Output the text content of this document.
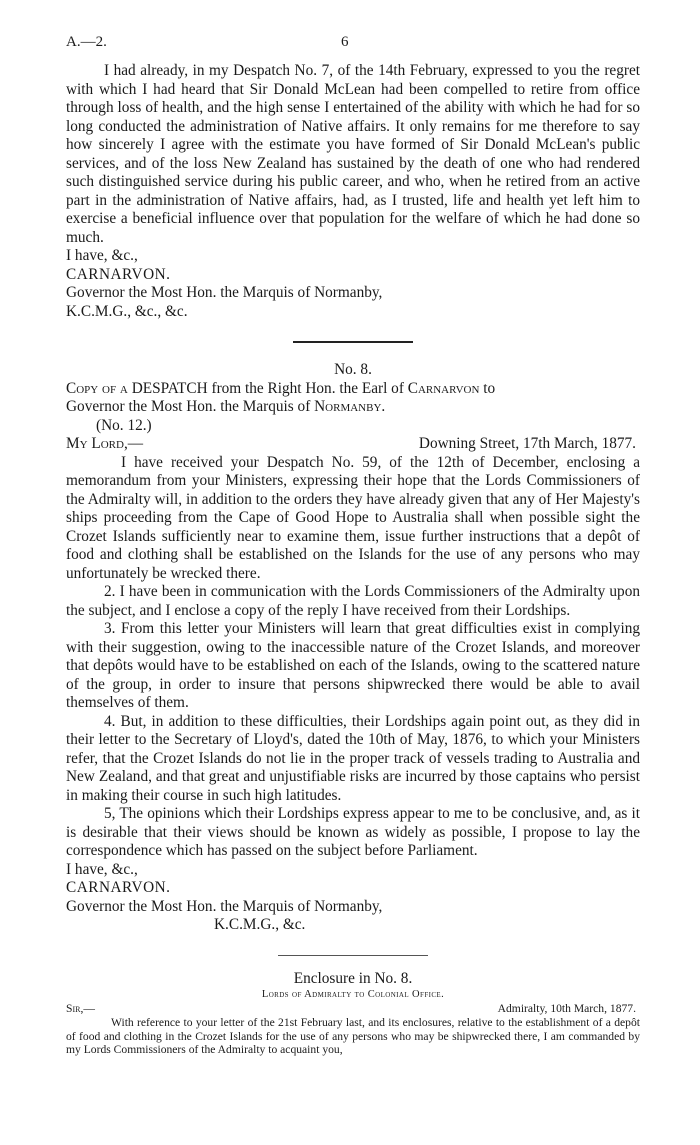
A.—2.	6

I had already, in my Despatch No. 7, of the 14th February, expressed to you the regret with which I had heard that Sir Donald McLean had been compelled to retire from office through loss of health, and the high sense I entertained of the ability with which he had for so long conducted the administration of Native affairs. It only remains for me therefore to say how sincerely I agree with the estimate you have formed of Sir Donald McLean's public services, and of the loss New Zealand has sustained by the death of one who had rendered such distinguished service during his public career, and who, when he retired from an active part in the administration of Native affairs, had, as I trusted, life and health yet left him to exercise a beneficial influence over that population for the welfare of which he had done so much.

I have, &c.,

CARNARVON.

Governor the Most Hon. the Marquis of Normanby,

K.C.M.G., &c., &c.

No. 8.

Copy of a DESPATCH from the Right Hon. the Earl of Carnarvon to

Governor the Most Hon. the Marquis of Normanby.

(No. 12.)

My Lord,—	Downing Street, 17th March, 1877.

I have received your Despatch No. 59, of the 12th of December, enclosing a memorandum from your Ministers, expressing their hope that the Lords Commissioners of the Admiralty will, in addition to the orders they have already given that any of Her Majesty's ships proceeding from the Cape of Good Hope to Australia shall when possible sight the Crozet Islands sufficiently near to examine them, issue further instructions that a depôt of food and clothing shall be established on the Islands for the use of any persons who may unfortunately be wrecked there.

2. I have been in communication with the Lords Commissioners of the Admiralty upon the subject, and I enclose a copy of the reply I have received from their Lordships.

3. From this letter your Ministers will learn that great difficulties exist in complying with their suggestion, owing to the inaccessible nature of the Crozet Islands, and moreover that depôts would have to be established on each of the Islands, owing to the scattered nature of the group, in order to insure that persons shipwrecked there would be able to avail themselves of them.

4. But, in addition to these difficulties, their Lordships again point out, as they did in their letter to the Secretary of Lloyd's, dated the 10th of May, 1876, to which your Ministers refer, that the Crozet Islands do not lie in the proper track of vessels trading to Australia and New Zealand, and that great and unjustifiable risks are incurred by those captains who persist in making their course in such high latitudes.

5, The opinions which their Lordships express appear to me to be conclusive, and, as it is desirable that their views should be known as widely as possible, I propose to lay the correspondence which has passed on the subject before Parliament.

I have, &c.,

CARNARVON.

Governor the Most Hon. the Marquis of Normanby,

K.C.M.G., &c.

Enclosure in No. 8.

Lords of Admiralty to Colonial Office.

Sir,—	Admiralty, 10th March, 1877.

With reference to your letter of the 21st February last, and its enclosures, relative to the establishment of a depôt of food and clothing in the Crozet Islands for the use of any persons who may be shipwrecked there, I am commanded by my Lords Commissioners of the Admiralty to acquaint you,
